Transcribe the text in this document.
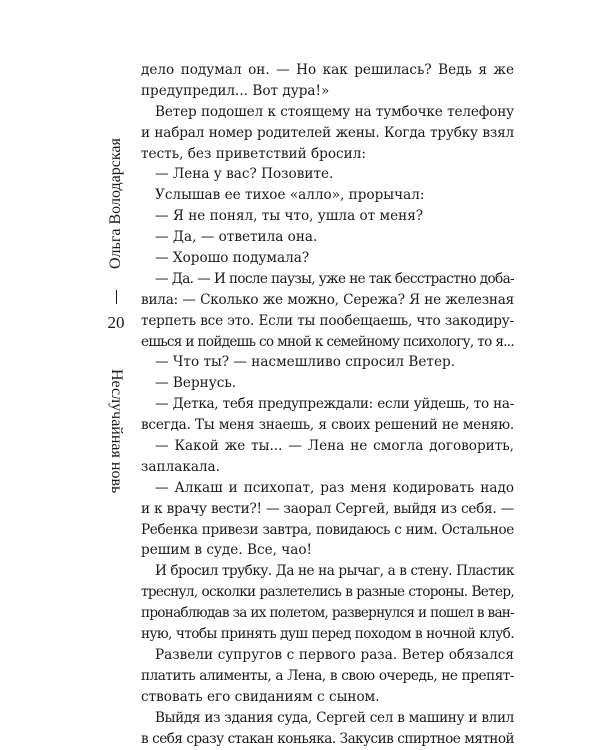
Ольга Володарская
20
Неслучайная новь
дело подумал он. — Но как решилась? Ведь я же
предупредил... Вот дура!»
Ветер подошел к стоящему на тумбочке телефону
и набрал номер родителей жены. Когда трубку взял
тесть, без приветствий бросил:
— Лена у вас? Позовите.
Услышав ее тихое «алло», прорычал:
— Я не понял, ты что, ушла от меня?
— Да, — ответила она.
— Хорошо подумала?
— Да. — И после паузы, уже не так бесстрастно доба-
вила: — Сколько же можно, Сережа? Я не железная
терпеть все это. Если ты пообещаешь, что закодиру-
ешься и пойдешь со мной к семейному психологу, то я...
— Что ты? — насмешливо спросил Ветер.
— Вернусь.
— Детка, тебя предупреждали: если уйдешь, то на-
всегда. Ты меня знаешь, я своих решений не меняю.
— Какой же ты... — Лена не смогла договорить,
заплакала.
— Алкаш и психопат, раз меня кодировать надо
и к врачу вести?! — заорал Сергей, выйдя из себя. —
Ребенка привези завтра, повидаюсь с ним. Остальное
решим в суде. Все, чао!
И бросил трубку. Да не на рычаг, а в стену. Пластик
треснул, осколки разлетелись в разные стороны. Ветер,
пронаблюдав за их полетом, развернулся и пошел в ван-
ную, чтобы принять душ перед походом в ночной клуб.
Развели супругов с первого раза. Ветер обязался
платить алименты, а Лена, в свою очередь, не препят-
ствовать его свиданиям с сыном.
Выйдя из здания суда, Сергей сел в машину и влил
в себя сразу стакан коньяка. Закусив спиртное мятной
